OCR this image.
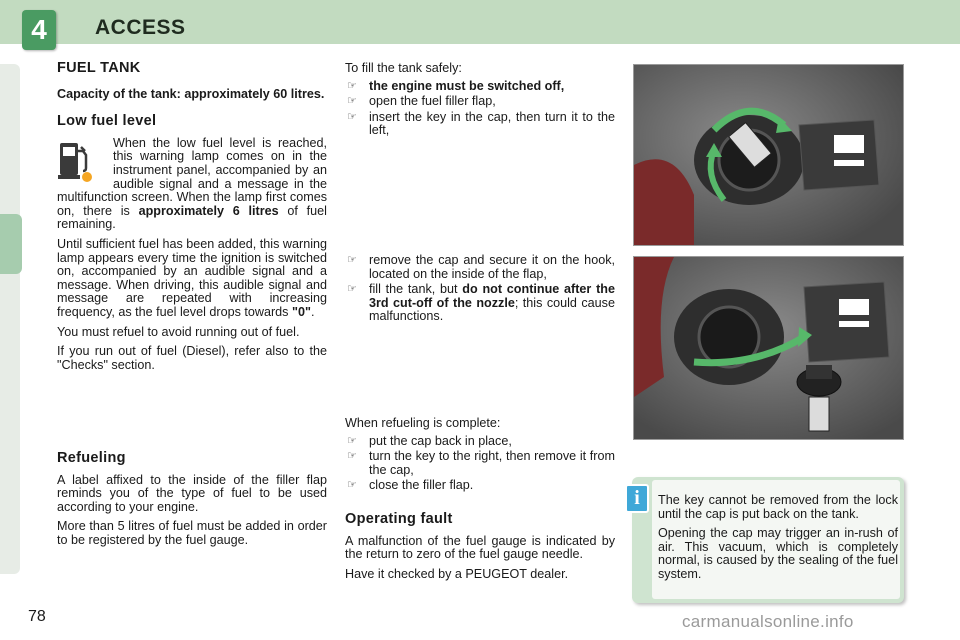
4	ACCESS
FUEL TANK

Capacity of the tank: approximately 60 litres.

Low fuel level

When the low fuel level is reached, this warning lamp comes on in the instrument panel, accompanied by an audible signal and a message in the multifunction screen. When the lamp first comes on, there is approximately 6 litres of fuel remaining.

Until sufficient fuel has been added, this warning lamp appears every time the ignition is switched on, accompanied by an audible signal and a message. When driving, this audible signal and message are repeated with increasing frequency, as the fuel level drops towards "0".

You must refuel to avoid running out of fuel.

If you run out of fuel (Diesel), refer also to the "Checks" section.

Refueling

A label affixed to the inside of the filler flap reminds you of the type of fuel to be used according to your engine.

More than 5 litres of fuel must be added in order to be registered by the fuel gauge.

To fill the tank safely:

☞ the engine must be switched off,
☞ open the fuel filler flap,
☞ insert the key in the cap, then turn it to the left,
☞ remove the cap and secure it on the hook, located on the inside of the flap,
☞ fill the tank, but do not continue after the 3rd cut-off of the nozzle; this could cause malfunctions.

When refueling is complete:

☞ put the cap back in place,
☞ turn the key to the right, then remove it from the cap,
☞ close the filler flap.
Operating fault

A malfunction of the fuel gauge is indicated by the return to zero of the fuel gauge needle.

Have it checked by a PEUGEOT dealer.

i	The key cannot be removed from the lock until the cap is put back on the tank.

Opening the cap may trigger an in-rush of air. This vacuum, which is completely normal, is caused by the sealing of the fuel system.

78	carmanualsonline.info
